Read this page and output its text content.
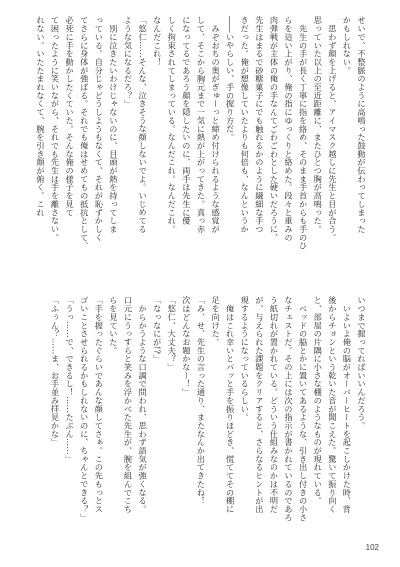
せいで、不整脈のように高鳴った鼓動が伝わってしまった
かもしれない。
　思わず顔を上げると、アイマスク越しに先生と目が合う。
思っていた以上の至近距離に、またひとつ胸が高鳴った。
　先生の手が長く丁寧に指を絡め、そのまま手首からも手のひ
らを這い上がり、俺の指にゆっくりと絡めた。段々と重みの
肉弾戦が主体の俺の手なんてごわごわとした硬いだろうに、
先生はまるで砂糖菓子にでも触れるかのように繊細な手つ
きだった。俺が想像していたよりも何倍も、なんというか
――いやらしい、手の握り方だ。
　みぞおちの奥がぎゅーっと締め付けられるような感覚が
して、そこから胸元まで一気に熱が上がってきた。真っ赤
になってるであろう顔を隠したいのに、両手は先生に優
しく拘束されてしまっている。なんだこれ。なんだこれ。
なんだこれ！
「悠仁……そんな、泣きそうな顔しないでよ。いじめてる
ような気になるだろ？」
　別に泣きたいわけじゃないのに、目頭が熱を持ってしま
っている。自分じゃどうしようもなくて、それが恥ずかしく
てさらに身体が強ばる。それでも俺はせめてもの抵抗として、
必死に手を動かしたくていた。そんな俺の様子を見て
て困ったように笑いながら、それでも先生は手を離さない。
れない。いたたまれなくて、腕を引き顔が俯く。これ
いつまで握ってればいいんだろう。
　いよいよ俺の脳がオーバーヒートを起こしかけた時、背
後からチョンという乾いた音が聞こえた。驚いて振り向く
と、部屋の片隅に小さな棚のようなものが現れている。
　ベッドの脇とかに置いてあるような、引き出し付きの小さ
なチェストだ。その上には次の指示が書かれているのであろ
う紙切れが置かれている。どういう仕組みなのかは不明だ
が、与えられた課題をクリアすると、さらなるヒントが出
現するようになっているらしい。
　俺はこれ幸いとパッと手を振りほどき、慌ててその棚に
足を向けた。
「み、せ、先生の言った通り、またなんか出てきたね！
次はどんなお題かなー！」
「悠仁、大丈夫？」
「なっなにが!?」
　からかうような口調で問われ、思わず語気が強くなる。
口元にうっすらと笑みを浮かべた先生が、腕を組んでこち
らを見ていた。
「手を握ったぐらいであんな顔してさぁ。この先もっとス
ゴいことさせられるかもしれないのに、ちゃんとできる？」
「うっ……で、できるし！……たぶん……」
「ふぅん？……ま、お手並み拝見かな」
102
